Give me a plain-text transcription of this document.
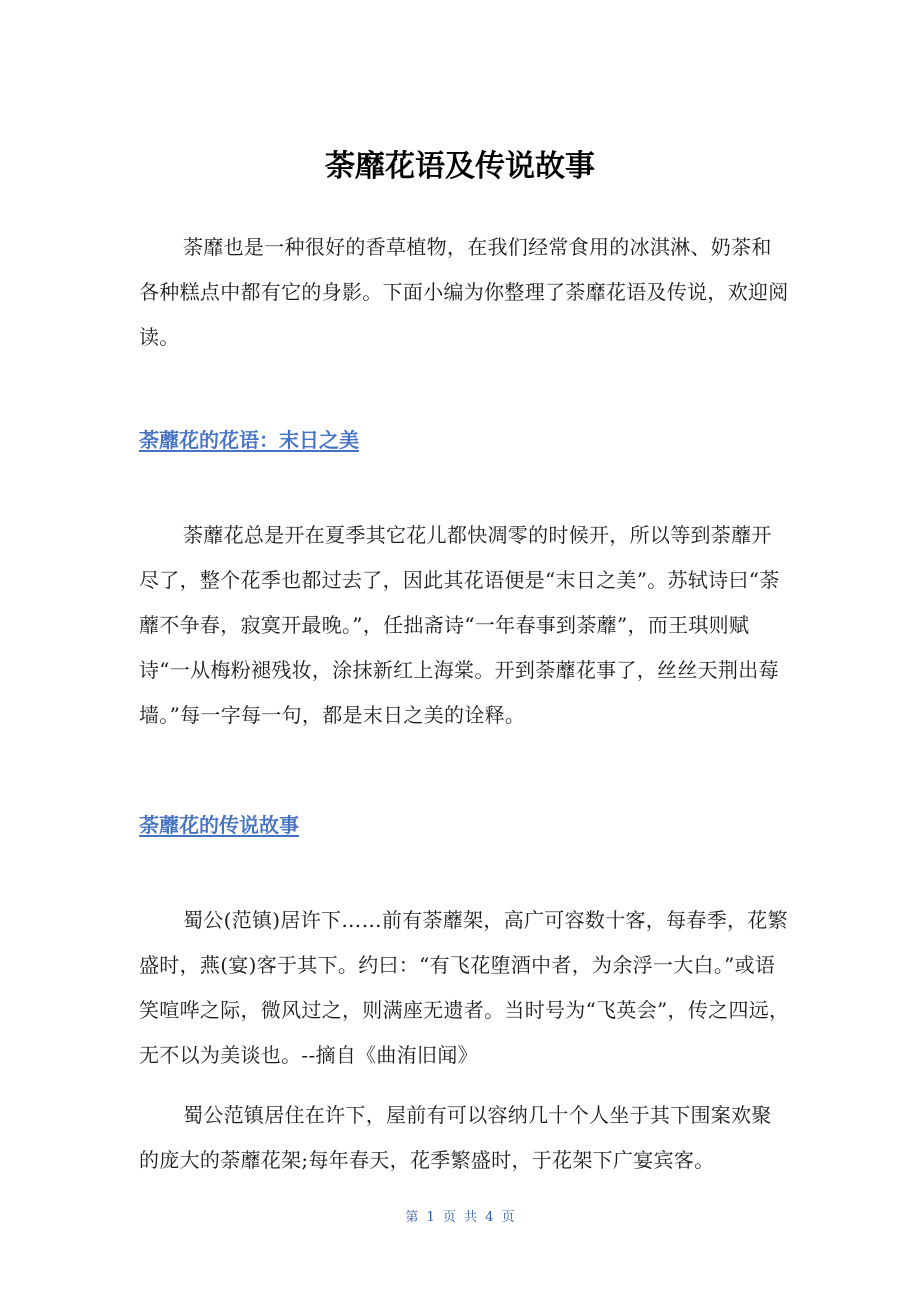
荼靡花语及传说故事

荼靡也是一种很好的香草植物，在我们经常食用的冰淇淋、奶茶和各种糕点中都有它的身影。下面小编为你整理了荼靡花语及传说，欢迎阅读。

荼蘼花的花语：末日之美

荼蘼花总是开在夏季其它花儿都快凋零的时候开，所以等到荼蘼开尽了，整个花季也都过去了，因此其花语便是“末日之美”。苏轼诗曰“荼蘼不争春，寂寞开最晚。”，任拙斋诗“一年春事到荼蘼”，而王琪则赋诗“一从梅粉褪残妆，涂抹新红上海棠。开到荼蘼花事了，丝丝天荆出莓墙。”每一字每一句，都是末日之美的诠释。

荼蘼花的传说故事

蜀公(范镇)居许下……前有荼蘼架，高广可容数十客，每春季，花繁盛时，燕(宴)客于其下。约曰：“有飞花堕酒中者，为余浮一大白。”或语笑喧哗之际，微风过之，则满座无遗者。当时号为“飞英会”，传之四远，无不以为美谈也。--摘自《曲洧旧闻》

蜀公范镇居住在许下，屋前有可以容纳几十个人坐于其下围案欢聚的庞大的荼蘼花架;每年春天，花季繁盛时，于花架下广宴宾客。

第 1 页 共 4 页
